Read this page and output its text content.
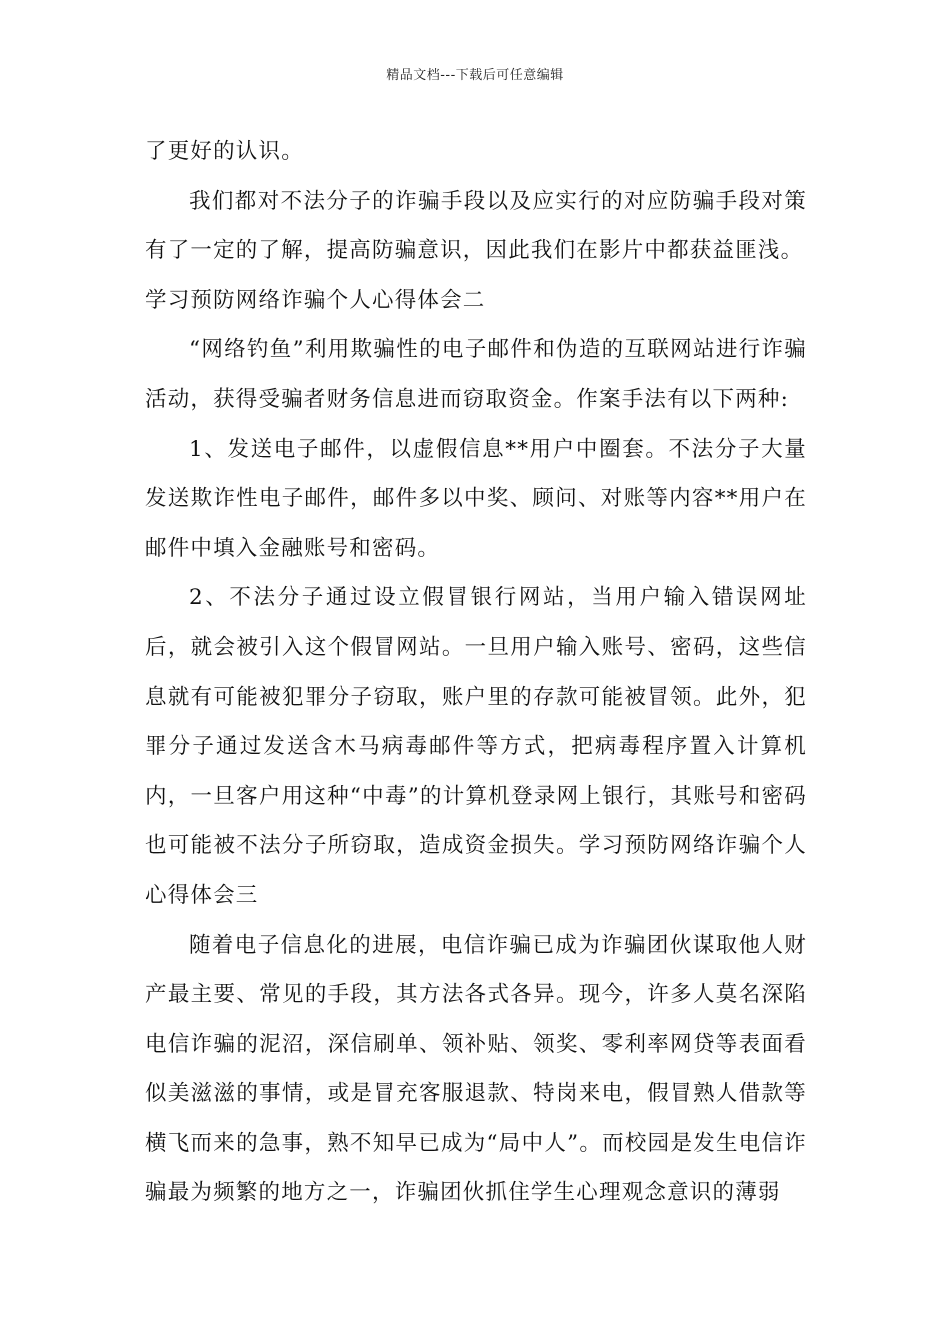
精品文档---下载后可任意编辑

了更好的认识。

我们都对不法分子的诈骗手段以及应实行的对应防骗手段对策有了一定的了解，提高防骗意识，因此我们在影片中都获益匪浅。

学习预防网络诈骗个人心得体会二

“网络钓鱼”利用欺骗性的电子邮件和伪造的互联网站进行诈骗活动，获得受骗者财务信息进而窃取资金。作案手法有以下两种:

1、发送电子邮件，以虚假信息**用户中圈套。不法分子大量发送欺诈性电子邮件，邮件多以中奖、顾问、对账等内容**用户在邮件中填入金融账号和密码。

2、不法分子通过设立假冒银行网站，当用户输入错误网址后，就会被引入这个假冒网站。一旦用户输入账号、密码，这些信息就有可能被犯罪分子窃取，账户里的存款可能被冒领。此外，犯罪分子通过发送含木马病毒邮件等方式，把病毒程序置入计算机内，一旦客户用这种“中毒”的计算机登录网上银行，其账号和密码也可能被不法分子所窃取，造成资金损失。学习预防网络诈骗个人心得体会三

随着电子信息化的进展，电信诈骗已成为诈骗团伙谋取他人财产最主要、常见的手段，其方法各式各异。现今，许多人莫名深陷电信诈骗的泥沼，深信刷单、领补贴、领奖、零利率网贷等表面看似美滋滋的事情，或是冒充客服退款、特岗来电，假冒熟人借款等横飞而来的急事，熟不知早已成为“局中人”。而校园是发生电信诈骗最为频繁的地方之一，诈骗团伙抓住学生心理观念意识的薄弱
